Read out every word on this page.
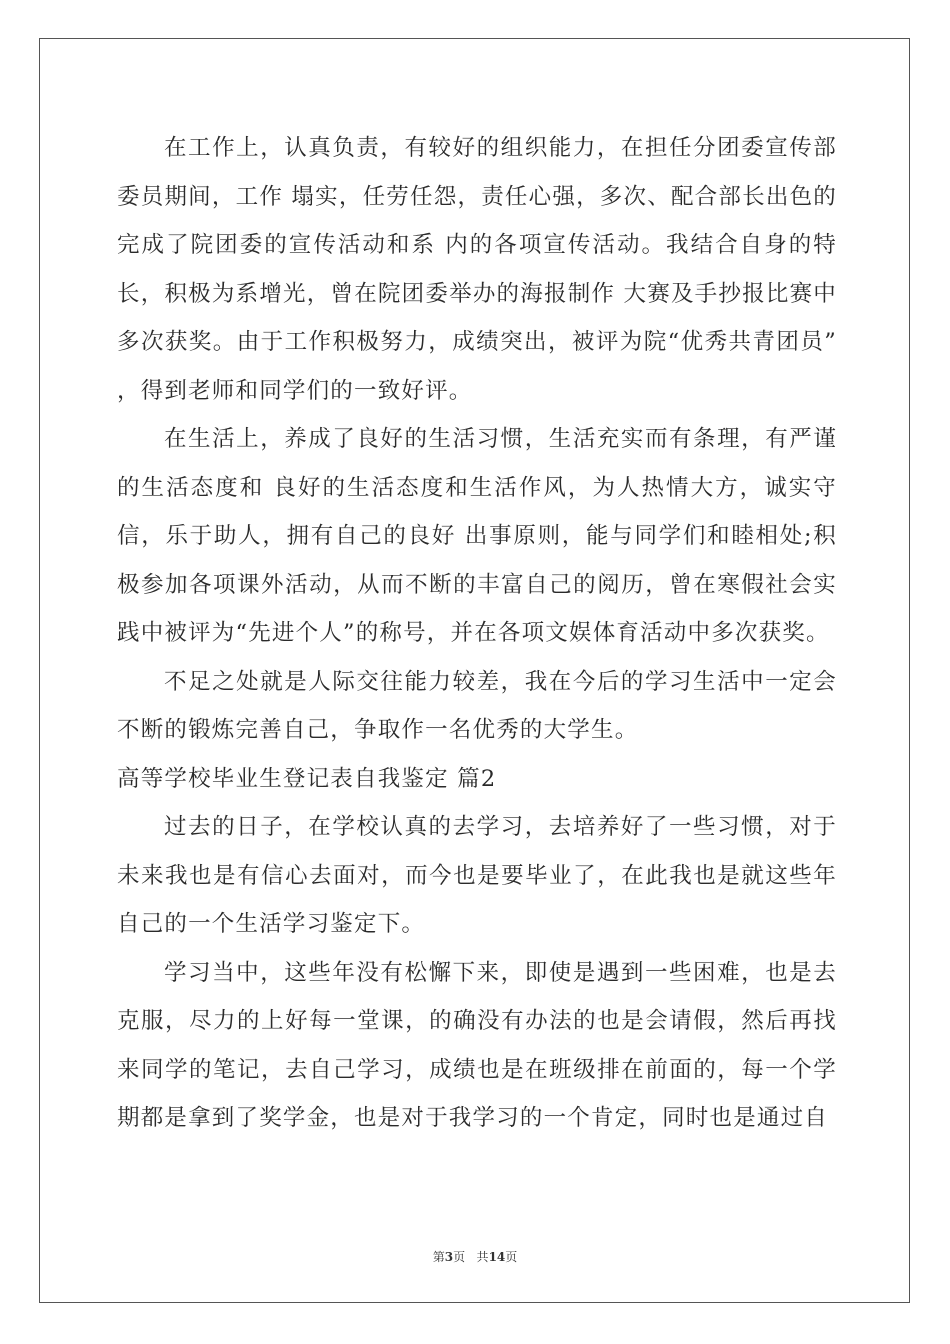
在工作上，认真负责，有较好的组织能力，在担任分团委宣传部委员期间，工作 塌实，任劳任怨，责任心强，多次、配合部长出色的完成了院团委的宣传活动和系 内的各项宣传活动。我结合自身的特长，积极为系增光，曾在院团委举办的海报制作 大赛及手抄报比赛中多次获奖。由于工作积极努力，成绩突出，被评为院“优秀共青团员” ，得到老师和同学们的一致好评。

在生活上，养成了良好的生活习惯，生活充实而有条理，有严谨的生活态度和 良好的生活态度和生活作风，为人热情大方，诚实守信，乐于助人，拥有自己的良好 出事原则，能与同学们和睦相处;积极参加各项课外活动，从而不断的丰富自己的阅历，曾在寒假社会实践中被评为“先进个人”的称号，并在各项文娱体育活动中多次获奖。

不足之处就是人际交往能力较差，我在今后的学习生活中一定会不断的锻炼完善自己，争取作一名优秀的大学生。

高等学校毕业生登记表自我鉴定 篇2

过去的日子，在学校认真的去学习，去培养好了一些习惯，对于未来我也是有信心去面对，而今也是要毕业了，在此我也是就这些年自己的一个生活学习鉴定下。

学习当中，这些年没有松懈下来，即使是遇到一些困难，也是去克服，尽力的上好每一堂课，的确没有办法的也是会请假，然后再找来同学的笔记，去自己学习，成绩也是在班级排在前面的，每一个学期都是拿到了奖学金，也是对于我学习的一个肯定，同时也是通过自

第3页 共14页
